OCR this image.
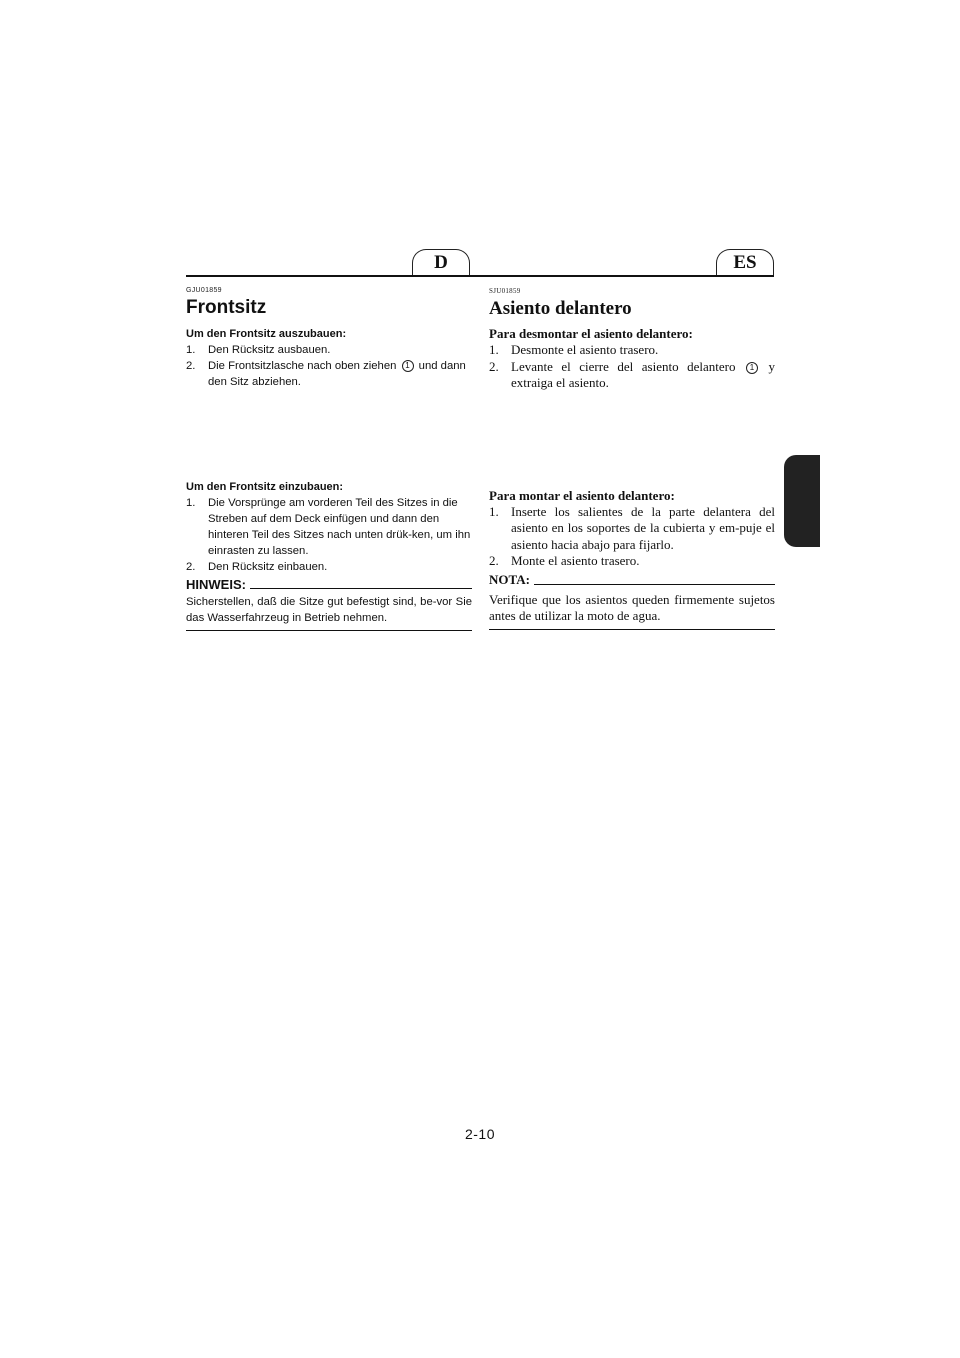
D	ES
GJU01859
Frontsitz

Um den Frontsitz auszubauen:

1. Den Rücksitz ausbauen.
2. Die Frontsitzlasche nach oben ziehen 1 und dann den Sitz abziehen.

Um den Frontsitz einzubauen:

1. Die Vorsprünge am vorderen Teil des Sitzes in die Streben auf dem Deck einfügen und dann den hinteren Teil des Sitzes nach unten drük-ken, um ihn einrasten zu lassen.
2. Den Rücksitz einbauen.
HINWEIS:

Sicherstellen, daß die Sitze gut befestigt sind, be-vor Sie das Wasserfahrzeug in Betrieb nehmen.

SJU01859
Asiento delantero

Para desmontar el asiento delantero:

1. Desmonte el asiento trasero.
2. Levante el cierre del asiento delantero 1 y extraiga el asiento.

Para montar el asiento delantero:

1. Inserte los salientes de la parte delantera del asiento en los soportes de la cubierta y em-puje el asiento hacia abajo para fijarlo.
2. Monte el asiento trasero.
NOTA:

Verifique que los asientos queden firmemente sujetos antes de utilizar la moto de agua.

2-10
